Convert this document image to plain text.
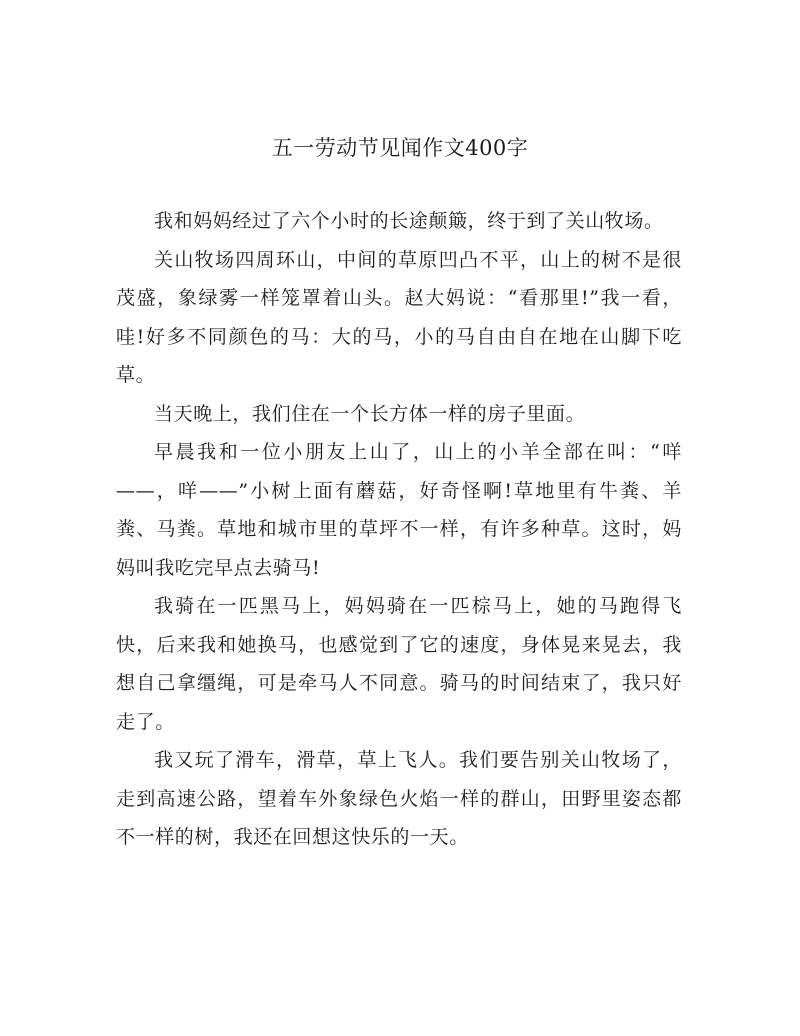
五一劳动节见闻作文400字

我和妈妈经过了六个小时的长途颠簸，终于到了关山牧场。

关山牧场四周环山，中间的草原凹凸不平，山上的树不是很茂盛，象绿雾一样笼罩着山头。赵大妈说：“看那里!”我一看，哇!好多不同颜色的马：大的马，小的马自由自在地在山脚下吃草。

当天晚上，我们住在一个长方体一样的房子里面。

早晨我和一位小朋友上山了，山上的小羊全部在叫：“咩——，咩——”小树上面有蘑菇，好奇怪啊!草地里有牛粪、羊粪、马粪。草地和城市里的草坪不一样，有许多种草。这时，妈妈叫我吃完早点去骑马!

我骑在一匹黑马上，妈妈骑在一匹棕马上，她的马跑得飞快，后来我和她换马，也感觉到了它的速度，身体晃来晃去，我想自己拿缰绳，可是牵马人不同意。骑马的时间结束了，我只好走了。

我又玩了滑车，滑草，草上飞人。我们要告别关山牧场了，走到高速公路，望着车外象绿色火焰一样的群山，田野里姿态都不一样的树，我还在回想这快乐的一天。
